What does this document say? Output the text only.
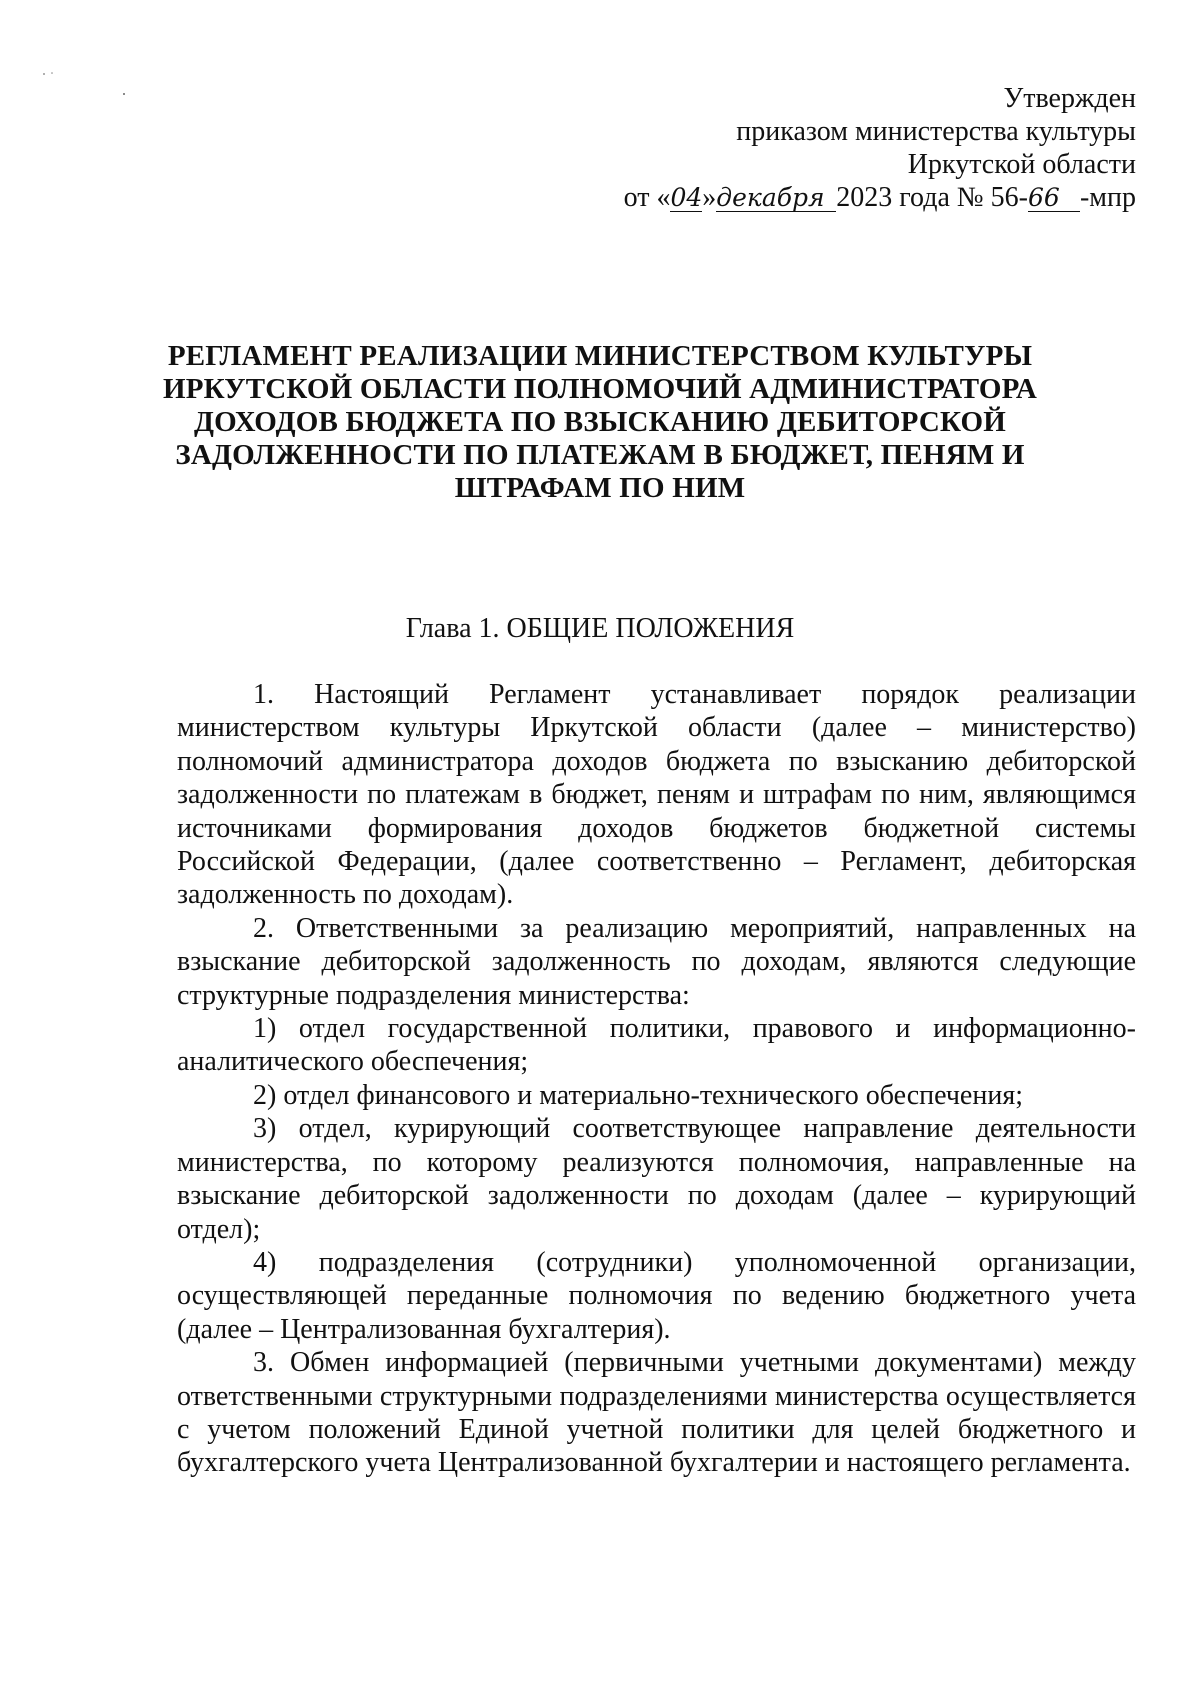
Утвержден
приказом министерства культуры
Иркутской области
от «04»декабря 2023 года № 56-66 -мпр
РЕГЛАМЕНТ РЕАЛИЗАЦИИ МИНИСТЕРСТВОМ КУЛЬТУРЫ
ИРКУТСКОЙ ОБЛАСТИ ПОЛНОМОЧИЙ АДМИНИСТРАТОРА
ДОХОДОВ БЮДЖЕТА ПО ВЗЫСКАНИЮ ДЕБИТОРСКОЙ
ЗАДОЛЖЕННОСТИ ПО ПЛАТЕЖАМ В БЮДЖЕТ, ПЕНЯМ И
ШТРАФАМ ПО НИМ
Глава 1. ОБЩИЕ ПОЛОЖЕНИЯ

1. Настоящий Регламент устанавливает порядок реализации министерством культуры Иркутской области (далее – министерство) полномочий администратора доходов бюджета по взысканию дебиторской задолженности по платежам в бюджет, пеням и штрафам по ним, являющимся источниками формирования доходов бюджетов бюджетной системы Российской Федерации, (далее соответственно – Регламент, дебиторская задолженность по доходам).

2. Ответственными за реализацию мероприятий, направленных на взыскание дебиторской задолженность по доходам, являются следующие структурные подразделения министерства:

1) отдел государственной политики, правового и информационно-аналитического обеспечения;

2) отдел финансового и материально-технического обеспечения;

3) отдел, курирующий соответствующее направление деятельности министерства, по которому реализуются полномочия, направленные на взыскание дебиторской задолженности по доходам (далее – курирующий отдел);

4) подразделения (сотрудники) уполномоченной организации, осуществляющей переданные полномочия по ведению бюджетного учета (далее – Централизованная бухгалтерия).

3. Обмен информацией (первичными учетными документами) между ответственными структурными подразделениями министерства осуществляется с учетом положений Единой учетной политики для целей бюджетного и бухгалтерского учета Централизованной бухгалтерии и настоящего регламента.
